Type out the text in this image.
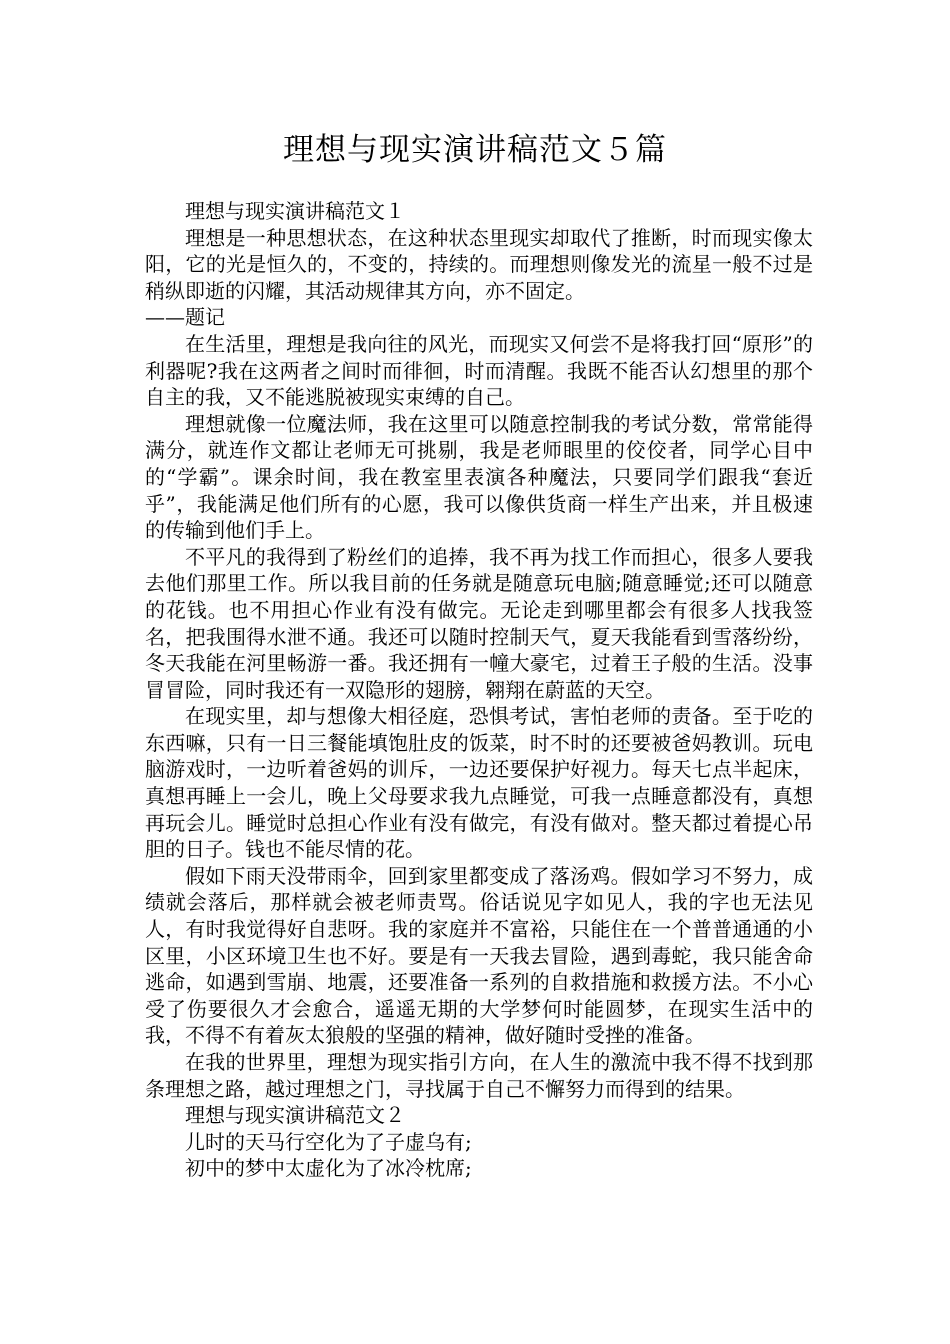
理想与现实演讲稿范文５篇

理想与现实演讲稿范文１

理想是一种思想状态，在这种状态里现实却取代了推断，时而现实像太阳，它的光是恒久的，不变的，持续的。而理想则像发光的流星一般不过是稍纵即逝的闪耀，其活动规律其方向，亦不固定。

——题记

在生活里，理想是我向往的风光，而现实又何尝不是将我打回“原形”的利器呢?我在这两者之间时而徘徊，时而清醒。我既不能否认幻想里的那个自主的我，又不能逃脱被现实束缚的自己。

理想就像一位魔法师，我在这里可以随意控制我的考试分数，常常能得满分，就连作文都让老师无可挑剔，我是老师眼里的佼佼者，同学心目中的“学霸”。课余时间，我在教室里表演各种魔法，只要同学们跟我“套近乎”，我能满足他们所有的心愿，我可以像供货商一样生产出来，并且极速的传输到他们手上。

不平凡的我得到了粉丝们的追捧，我不再为找工作而担心，很多人要我去他们那里工作。所以我目前的任务就是随意玩电脑;随意睡觉;还可以随意的花钱。也不用担心作业有没有做完。无论走到哪里都会有很多人找我签名，把我围得水泄不通。我还可以随时控制天气，夏天我能看到雪落纷纷，冬天我能在河里畅游一番。我还拥有一幢大豪宅，过着王子般的生活。没事冒冒险，同时我还有一双隐形的翅膀，翱翔在蔚蓝的天空。

在现实里，却与想像大相径庭，恐惧考试，害怕老师的责备。至于吃的东西嘛，只有一日三餐能填饱肚皮的饭菜，时不时的还要被爸妈教训。玩电脑游戏时，一边听着爸妈的训斥，一边还要保护好视力。每天七点半起床，真想再睡上一会儿，晚上父母要求我九点睡觉，可我一点睡意都没有，真想再玩会儿。睡觉时总担心作业有没有做完，有没有做对。整天都过着提心吊胆的日子。钱也不能尽情的花。

假如下雨天没带雨伞，回到家里都变成了落汤鸡。假如学习不努力，成绩就会落后，那样就会被老师责骂。俗话说见字如见人，我的字也无法见人，有时我觉得好自悲呀。我的家庭并不富裕，只能住在一个普普通通的小区里，小区环境卫生也不好。要是有一天我去冒险，遇到毒蛇，我只能舍命逃命，如遇到雪崩、地震，还要准备一系列的自救措施和救援方法。不小心受了伤要很久才会愈合，遥遥无期的大学梦何时能圆梦，在现实生活中的我，不得不有着灰太狼般的坚强的精神，做好随时受挫的准备。

在我的世界里，理想为现实指引方向，在人生的激流中我不得不找到那条理想之路，越过理想之门，寻找属于自己不懈努力而得到的结果。

理想与现实演讲稿范文２

儿时的天马行空化为了子虚乌有;

初中的梦中太虚化为了冰冷枕席;
